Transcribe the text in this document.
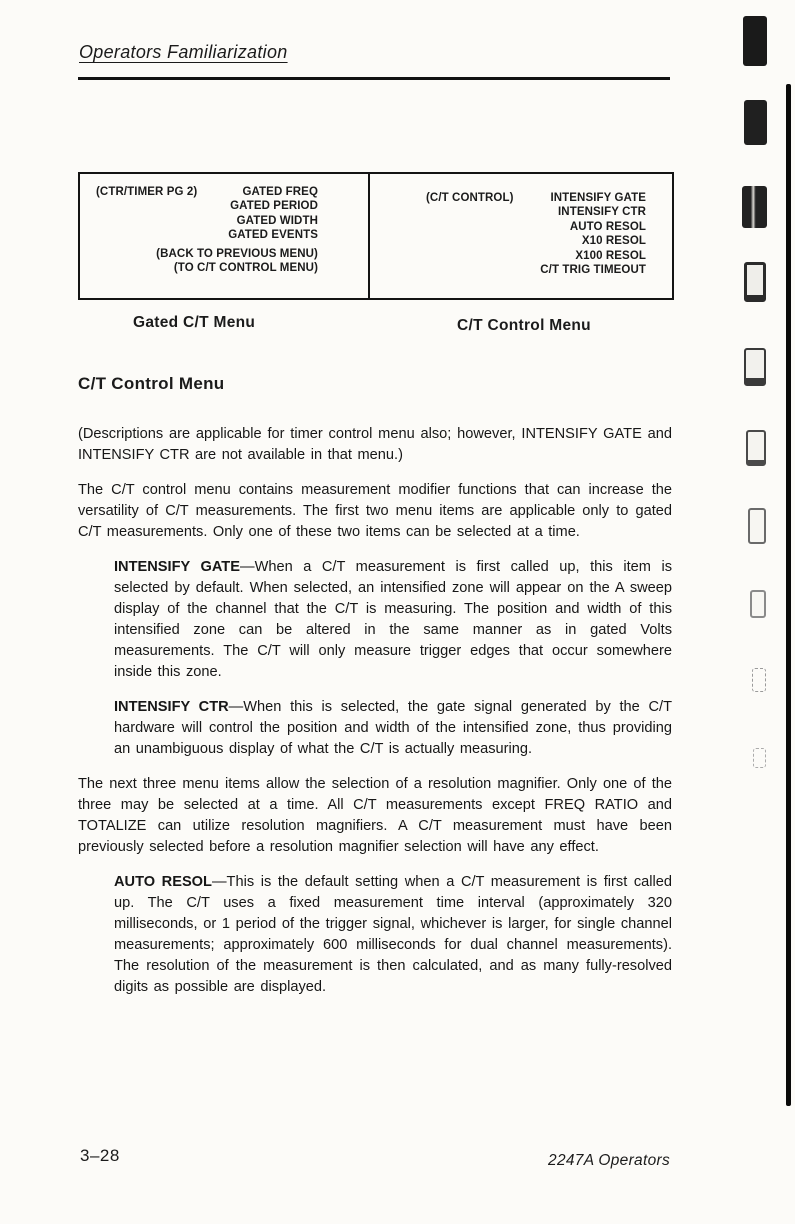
Operators Familiarization
(CTR/TIMER PG 2)	GATED FREQ
GATED PERIOD
GATED WIDTH
GATED EVENTS
(BACK TO PREVIOUS MENU)
(TO C/T CONTROL MENU)
(C/T CONTROL)	INTENSIFY GATE
INTENSIFY CTR
AUTO RESOL
X10 RESOL
X100 RESOL
C/T TRIG TIMEOUT
Gated C/T Menu	C/T Control Menu
C/T Control Menu

(Descriptions are applicable for timer control menu also; however, INTENSIFY GATE and INTENSIFY CTR are not available in that menu.)

The C/T control menu contains measurement modifier functions that can increase the versatility of C/T measurements. The first two menu items are applicable only to gated C/T measurements. Only one of these two items can be selected at a time.

INTENSIFY GATE—When a C/T measurement is first called up, this item is selected by default. When selected, an intensified zone will appear on the A sweep display of the channel that the C/T is measuring. The position and width of this intensified zone can be altered in the same manner as in gated Volts measurements. The C/T will only measure trigger edges that occur somewhere inside this zone.

INTENSIFY CTR—When this is selected, the gate signal generated by the C/T hardware will control the position and width of the intensified zone, thus providing an unambiguous display of what the C/T is actually measuring.

The next three menu items allow the selection of a resolution magnifier. Only one of the three may be selected at a time. All C/T measurements except FREQ RATIO and TOTALIZE can utilize resolution magnifiers. A C/T measurement must have been previously selected before a resolution magnifier selection will have any effect.

AUTO RESOL—This is the default setting when a C/T measurement is first called up. The C/T uses a fixed measurement time interval (approximately 320 milliseconds, or 1 period of the trigger signal, whichever is larger, for single channel measurements; approximately 600 milliseconds for dual channel measurements). The resolution of the measurement is then calculated, and as many fully-resolved digits as possible are displayed.

3–28	2247A Operators
